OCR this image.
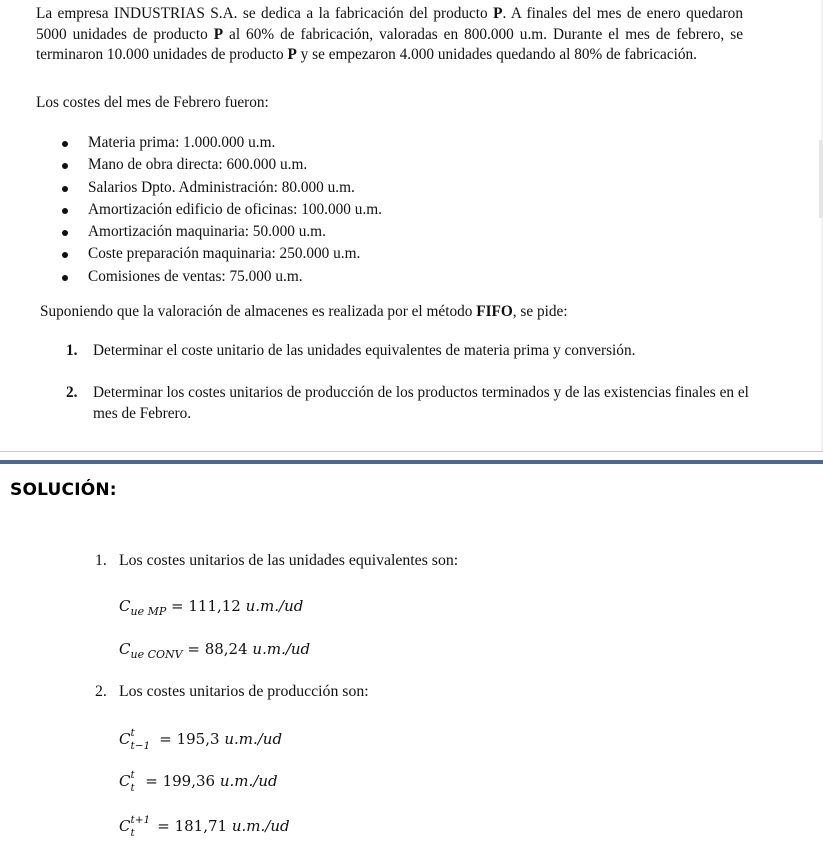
La empresa INDUSTRIAS S.A. se dedica a la fabricación del producto P. A finales del mes de enero quedaron 5000 unidades de producto P al 60% de fabricación, valoradas en 800.000 u.m. Durante el mes de febrero, se terminaron 10.000 unidades de producto P y se empezaron 4.000 unidades quedando al 80% de fabricación.

Los costes del mes de Febrero fueron:

Materia prima: 1.000.000 u.m.
Mano de obra directa: 600.000 u.m.
Salarios Dpto. Administración: 80.000 u.m.
Amortización edificio de oficinas: 100.000 u.m.
Amortización maquinaria: 50.000 u.m.
Coste preparación maquinaria: 250.000 u.m.
Comisiones de ventas: 75.000 u.m.

Suponiendo que la valoración de almacenes es realizada por el método FIFO, se pide:

1. Determinar el coste unitario de las unidades equivalentes de materia prima y conversión.
2. Determinar los costes unitarios de producción de los productos terminados y de las existencias finales en el mes de Febrero.
SOLUCIÓN:
1. Los costes unitarios de las unidades equivalentes son:
$C_{ue MP} = 111,12$ u.m./ud
$C_{ue CONV} = 88,24$ u.m./ud
2. Los costes unitarios de producción son:
C t
t−1 = 195,3 u.m./ud
C t
t = 199,36 u.m./ud
C t+1
t = 181,71 u.m./ud
